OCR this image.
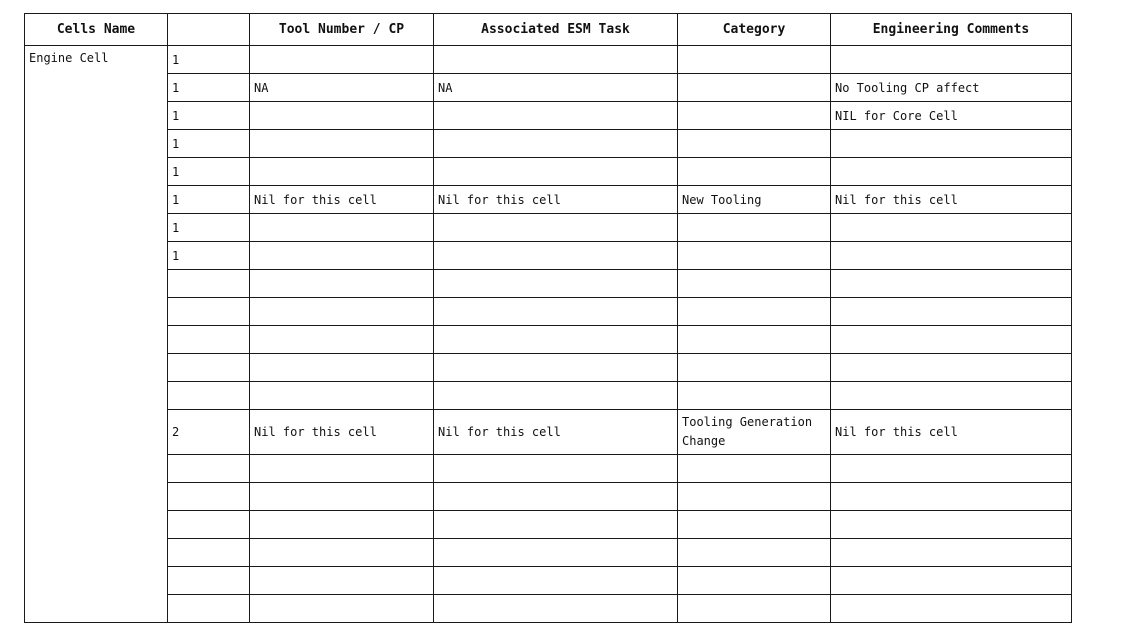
Cells Name		Tool Number / CP	Associated ESM Task	Category	Engineering Comments
Engine Cell	1				
	1	NA	NA		No Tooling CP affect
	1				NIL for Core Cell
	1				
	1				
	1	Nil for this cell	Nil for this cell	New Tooling	Nil for this cell
	1				
	1				

	2	Nil for this cell	Nil for this cell	Tooling Generation Change	Nil for this cell
